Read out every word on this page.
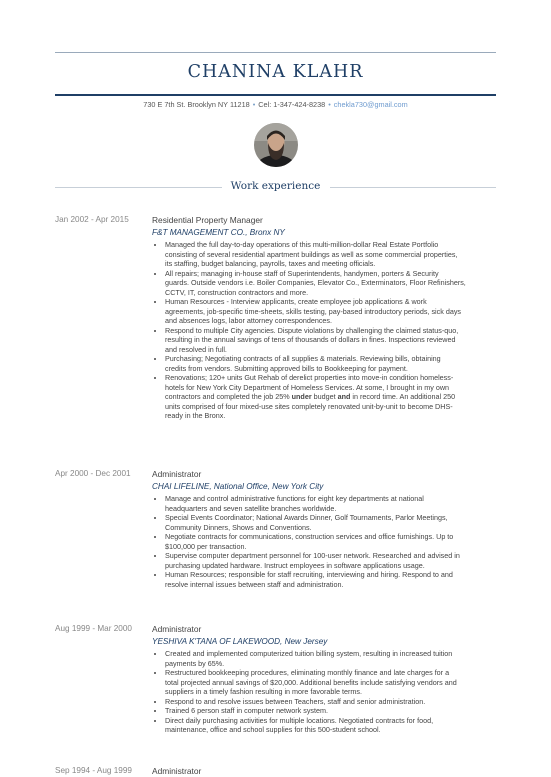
CHANINA KLAHR
730 E 7th St. Brooklyn NY 11218 • Cel: 1-347-424-8238 • chekla730@gmail.com
Work experience
Jan 2002 - Apr 2015	Residential Property Manager
F&T MANAGEMENT CO., Bronx NY
• Managed the full day-to-day operations of this multi-million-dollar Real Estate Portfolio
consisting of several residential apartment buildings as well as some commercial properties,
its staffing, budget balancing, payrolls, taxes and meeting officials.
• All repairs; managing in-house staff of Superintendents, handymen, porters & Security
guards. Outside vendors i.e. Boiler Companies, Elevator Co., Exterminators, Floor Refinishers,
CCTV, IT, construction contractors and more.
• Human Resources - Interview applicants, create employee job applications & work
agreements, job-specific time-sheets, skills testing, pay-based introductory periods, sick days
and absences logs, labor attorney correspondences.
• Respond to multiple City agencies. Dispute violations by challenging the claimed status-quo,
resulting in the annual savings of tens of thousands of dollars in fines. Inspections reviewed
and resolved in full.
• Purchasing; Negotiating contracts of all supplies & materials. Reviewing bills, obtaining
credits from vendors. Submitting approved bills to Bookkeeping for payment.
• Renovations; 120+ units Gut Rehab of derelict properties into move-in condition homeless-
hotels for New York City Department of Homeless Services. At some, I brought in my own
contractors and completed the job 25% under budget and in record time. An additional 250
units comprised of four mixed-use sites completely renovated unit-by-unit to become DHS-
ready in the Bronx.
Apr 2000 - Dec 2001	Administrator
CHAI LIFELINE, National Office, New York City
• Manage and control administrative functions for eight key departments at national
headquarters and seven satellite branches worldwide.
• Special Events Coordinator; National Awards Dinner, Golf Tournaments, Parlor Meetings,
Community Dinners, Shows and Conventions.
• Negotiate contracts for communications, construction services and office furnishings. Up to
$100,000 per transaction.
• Supervise computer department personnel for 100-user network. Researched and advised in
purchasing updated hardware. Instruct employees in software applications usage.
• Human Resources; responsible for staff recruiting, interviewing and hiring. Respond to and
resolve internal issues between staff and administration.
Aug 1999 - Mar 2000 Administrator
YESHIVA K'TANA OF LAKEWOOD, New Jersey
• Created and implemented computerized tuition billing system, resulting in increased tuition
payments by 65%.
• Restructured bookkeeping procedures, eliminating monthly finance and late charges for a
total projected annual savings of $20,000. Additional benefits include satisfying vendors and
suppliers in a timely fashion resulting in more favorable terms.
• Respond to and resolve issues between Teachers, staff and senior administration.
• Trained 6 person staff in computer network system.
• Direct daily purchasing activities for multiple locations. Negotiated contracts for food,
maintenance, office and school supplies for this 500-student school.
Sep 1994 - Aug 1999 Administrator
